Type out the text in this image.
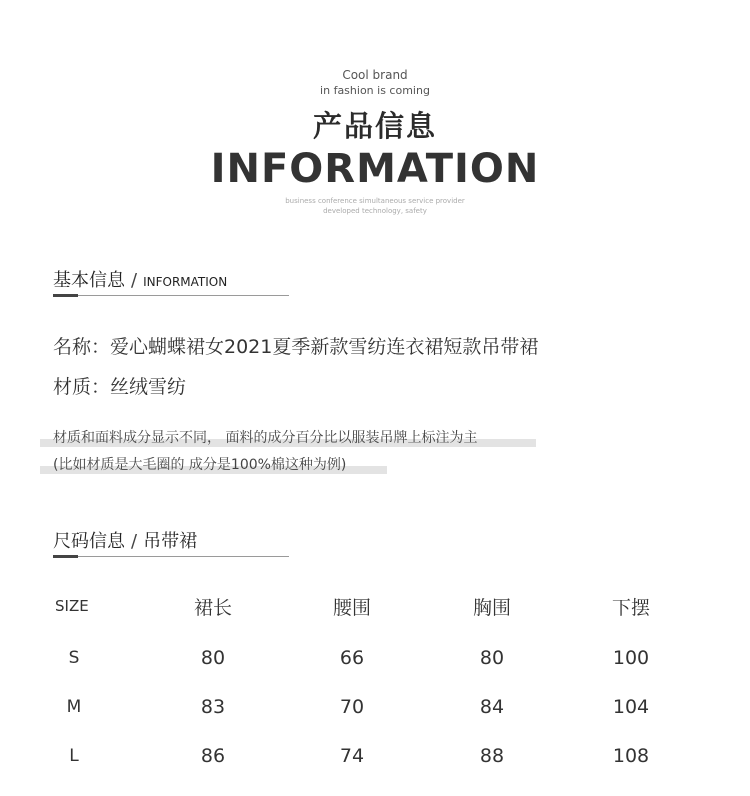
Cool brand
in fashion is coming
产品信息
INFORMATION
business conference simultaneous service provider
developed technology, safety
基本信息 / INFORMATION
名称：爱心蝴蝶裙女2021夏季新款雪纺连衣裙短款吊带裙
材质：丝绒雪纺
材质和面料成分显示不同， 面料的成分百分比以服装吊牌上标注为主
(比如材质是大毛圈的 成分是100%棉这种为例)
尺码信息 / 吊带裙
SIZE	裙长	腰围	胸围	下摆
S	80	66	80	100
M	83	70	84	104
L	86	74	88	108
